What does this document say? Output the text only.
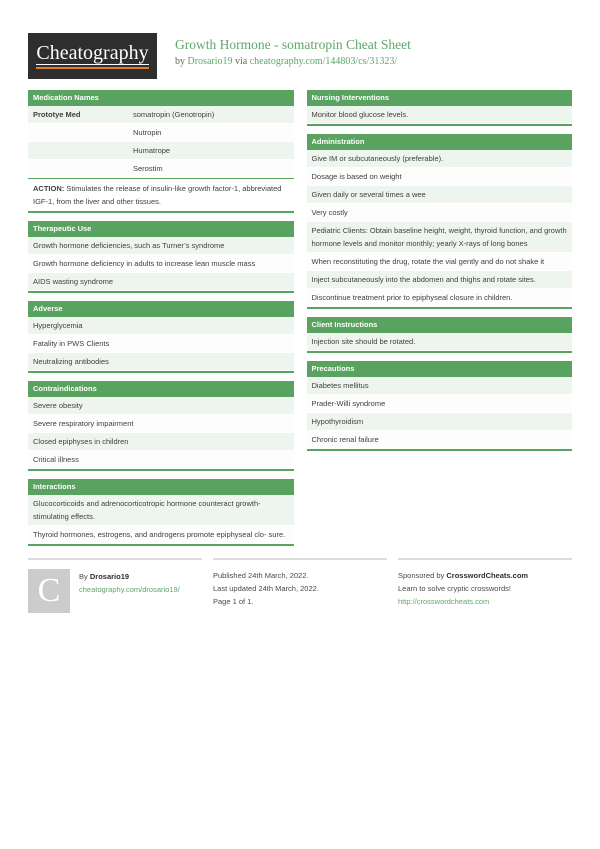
Cheatography Growth Hormone - somatropin Cheat Sheet

by Drosario19 via cheatography.com/144803/cs/31323/

Medication Names
Prototye Med	somatropin (Genotropin)
Nutropin
Humatrope
Serostim
ACTION: Stimulates the release of insulin-like growth factor-1, abbreviated IGF-1, from the liver and other tissues.
Therapeutic Use
Growth hormone deficiencies, such as Turner’s syndrome
Growth hormone deficiency in adults to increase lean muscle mass
AIDS wasting syndrome
Adverse
Hyperglycemia
Fatality in PWS Clients
Neutralizing antibodies
Contraindications
Severe obesity
Severe respiratory impairment
Closed epiphyses in children
Critical illness
Interactions
Glucocorticoids and adrenocorticotropic hormone counteract growth-stimulating effects.
Thyroid hormones, estrogens, and androgens promote epiphyseal clo- sure.
Nursing Interventions
Monitor blood glucose levels.
Administration
Give IM or subcutaneously (preferable).
Dosage is based on weight
Given daily or several times a wee
Very costly
Pediatric Clients: Obtain baseline height, weight, thyroid function, and growth hormone levels and monitor monthly; yearly X-rays of long bones
When reconstituting the drug, rotate the vial gently and do not shake it
Inject subcutaneously into the abdomen and thighs and rotate sites.
Discontinue treatment prior to epiphyseal closure in children.
Client Instructions
Injection site should be rotated.
Precautions
Diabetes mellitus
Prader-Willi syndrome
Hypothyroidism
Chronic renal failure
C	By Drosario19
cheatography.com/drosario19/
Published 24th March, 2022.
Last updated 24th March, 2022.
Page 1 of 1.
Sponsored by CrosswordCheats.com
Learn to solve cryptic crosswords!
http://crosswordcheats.com
